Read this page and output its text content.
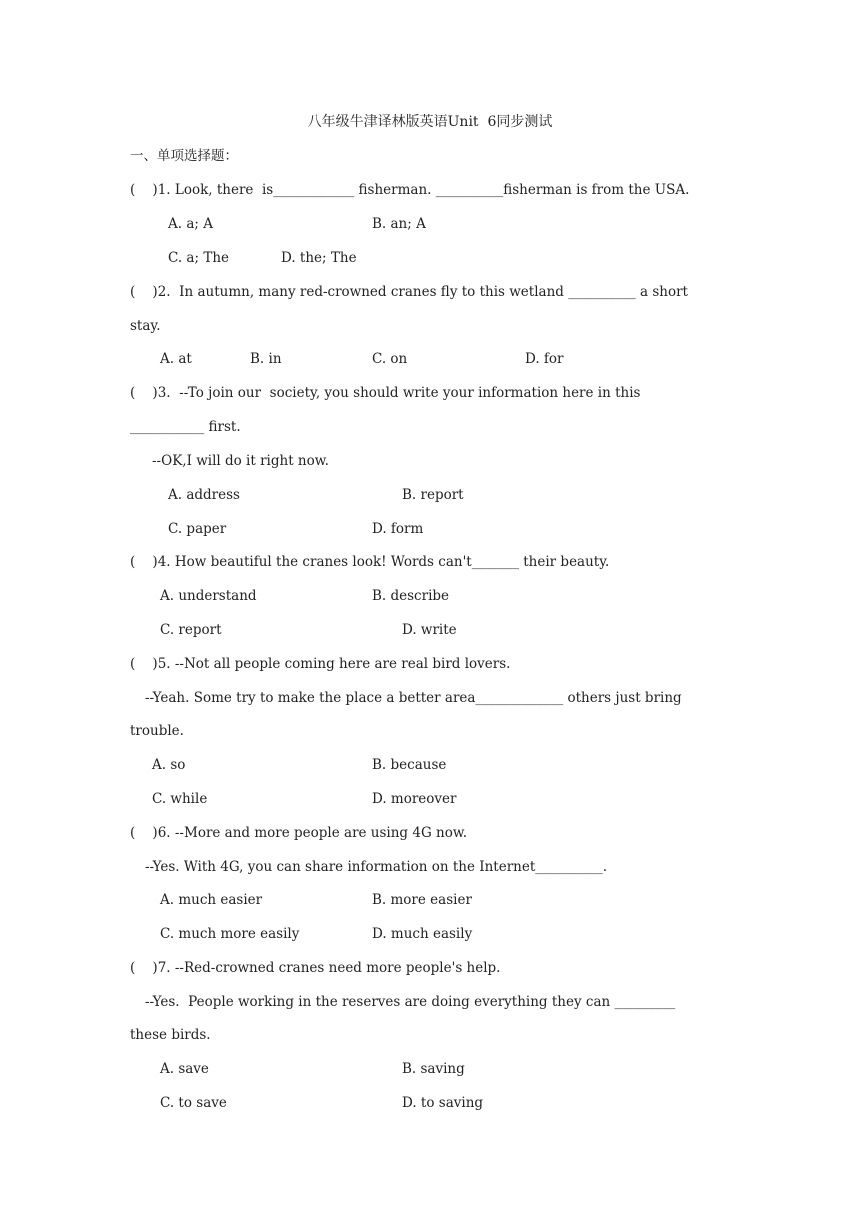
八年级牛津译林版英语Unit  6同步测试
一、单项选择题：
(    )1. Look, there  is____________ fisherman. __________fisherman is from the USA.
A. a; A	B. an; A
C. a; The	D. the; The
(    )2.  In autumn, many red-crowned cranes fly to this wetland __________ a short
stay.
A. at	B. in	C. on	D. for
(    )3.  --To join our  society, you should write your information here in this
___________ first.
--OK,I will do it right now.
A. address	B. report
C. paper	D. form
(    )4. How beautiful the cranes look! Words can't_______ their beauty.
A. understand	B. describe
C. report	D. write
(    )5. --Not all people coming here are real bird lovers.
--Yeah. Some try to make the place a better area_____________ others just bring
trouble.
A. so	B. because
C. while	D. moreover
(    )6. --More and more people are using 4G now.
--Yes. With 4G, you can share information on the Internet__________.
A. much easier	B. more easier
C. much more easily	D. much easily
(    )7. --Red-crowned cranes need more people's help.
--Yes.  People working in the reserves are doing everything they can _________
these birds.
A. save	B. saving
C. to save	D. to saving
